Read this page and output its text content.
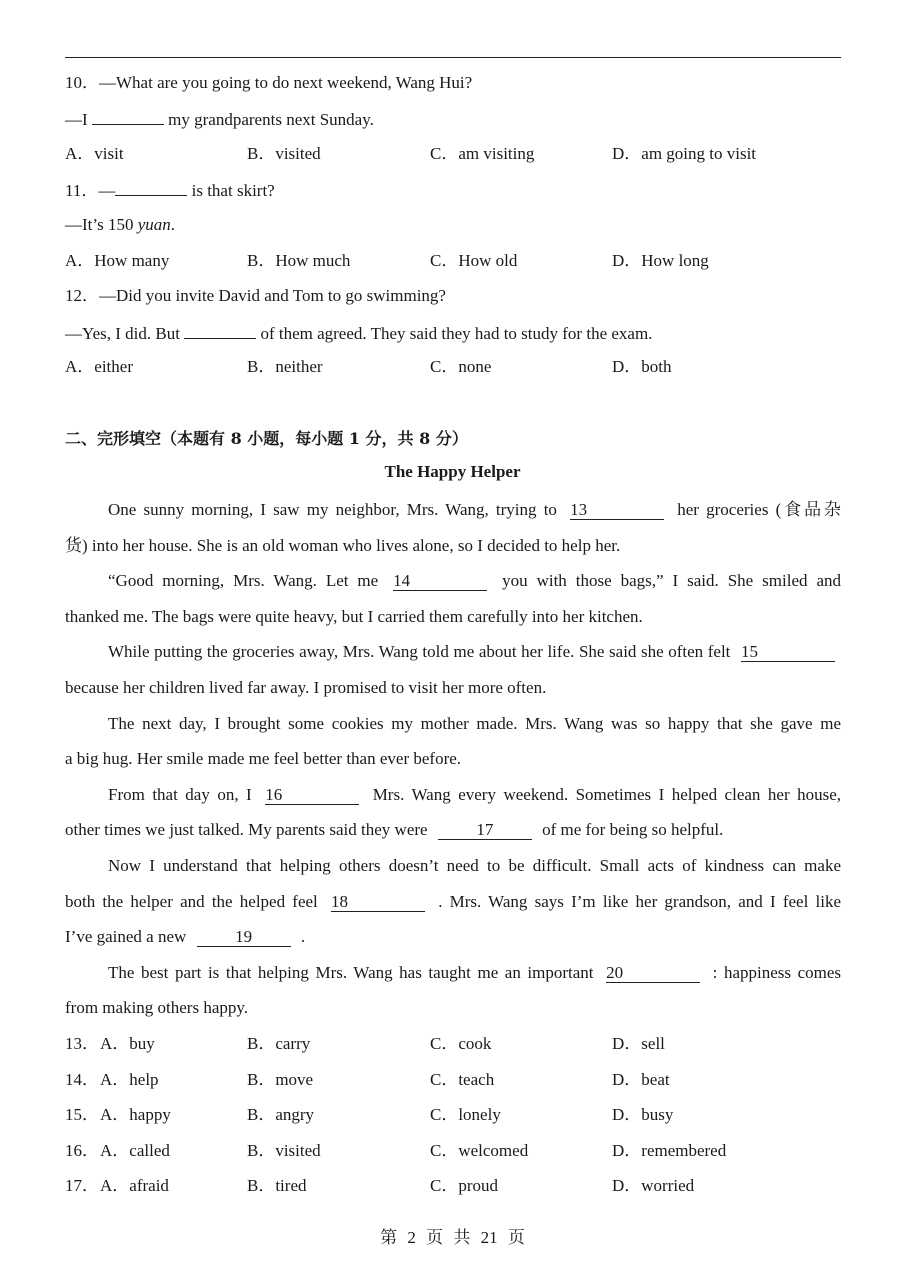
10．—What are you going to do next weekend, Wang Hui?
—I	my grandparents next Sunday.
11．—	is that skirt?
—It’s 150 yuan.
12．—Did you invite David and Tom to go swimming?
—Yes, I did. But	of them agreed. They said they had to study for the exam.
A．visit	B．visited	C．am visiting	D．am going to visit
A．How many	B．How much	C．How old	D．How long
A．either	B．neither	C．none	D．both
二、完形填空（本题有 8 小题，每小题 1 分，共 8 分）
The Happy Helper
One sunny morning, I saw my neighbor, Mrs. Wang, trying to 13	her groceries (食品杂
货) into her house. She is an old woman who lives alone, so I decided to help her.
“Good morning, Mrs. Wang. Let me 14	you with those bags,” I said. She smiled and
thanked me. The bags were quite heavy, but I carried them carefully into her kitchen.
While putting the groceries away, Mrs. Wang told me about her life. She said she often felt 15
because her children lived far away. I promised to visit her more often.
The next day, I brought some cookies my mother made. Mrs. Wang was so happy that she gave me
a big hug. Her smile made me feel better than ever before.
From that day on, I 16	Mrs. Wang every weekend. Sometimes I helped clean her house,
other times we just talked. My parents said they were	17	of me for being so helpful.
Now I understand that helping others doesn’t need to be difficult. Small acts of kindness can make
both the helper and the helped feel 18	. Mrs. Wang says I’m like her grandson, and I feel like
I’ve gained a new	19	.
The best part is that helping Mrs. Wang has taught me an important 20	: happiness comes
from making others happy.
13． A．buy	B．carry	C．cook	D．sell
14． A．help	B．move	C．teach	D．beat
15． A．happy	B．angry	C．lonely	D．busy
16． A．called	B．visited	C．welcomed	D．remembered
17． A．afraid	B．tired	C．proud	D．worried
第 2 页 共 21 页
